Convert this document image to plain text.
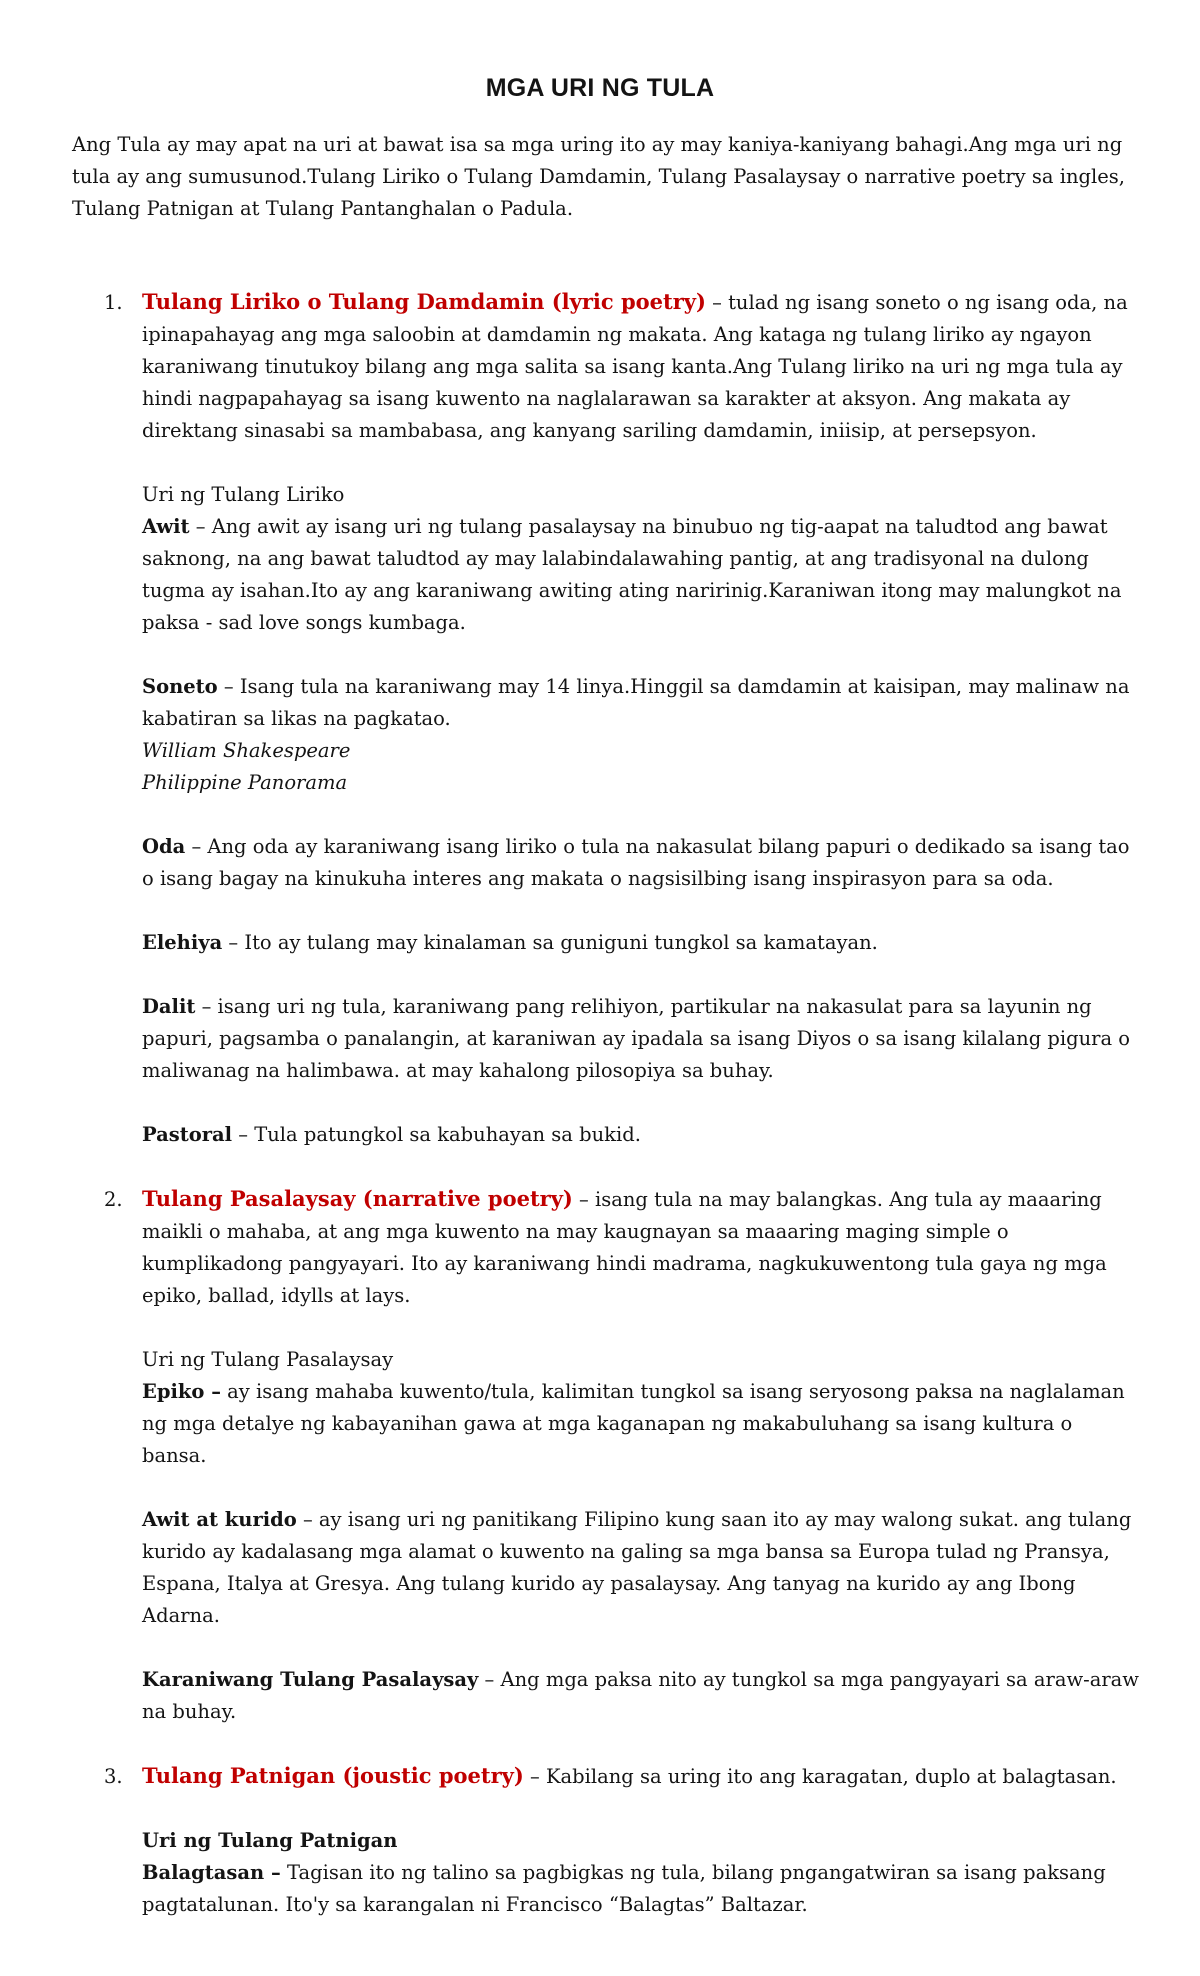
MGA URI NG TULA

Ang Tula ay may apat na uri at bawat isa sa mga uring ito ay may kaniya-kaniyang bahagi.Ang mga uri ng tula ay ang sumusunod.Tulang Liriko o Tulang Damdamin, Tulang Pasalaysay o narrative poetry sa ingles, Tulang Patnigan at Tulang Pantanghalan o Padula.

1. Tulang Liriko o Tulang Damdamin (lyric poetry) – tulad ng isang soneto o ng isang oda, na ipinapahayag ang mga saloobin at damdamin ng makata. Ang kataga ng tulang liriko ay ngayon karaniwang tinutukoy bilang ang mga salita sa isang kanta.Ang Tulang liriko na uri ng mga tula ay hindi nagpapahayag sa isang kuwento na naglalarawan sa karakter at aksyon. Ang makata ay direktang sinasabi sa mambabasa, ang kanyang sariling damdamin, iniisip, at persepsyon.

Uri ng Tulang Liriko

Awit – Ang awit ay isang uri ng tulang pasalaysay na binubuo ng tig-aapat na taludtod ang bawat saknong, na ang bawat taludtod ay may lalabindalawahing pantig, at ang tradisyonal na dulong tugma ay isahan.Ito ay ang karaniwang awiting ating naririnig.Karaniwan itong may malungkot na paksa - sad love songs kumbaga.

Soneto – Isang tula na karaniwang may 14 linya.Hinggil sa damdamin at kaisipan, may malinaw na kabatiran sa likas na pagkatao.

William Shakespeare

Philippine Panorama

Oda – Ang oda ay karaniwang isang liriko o tula na nakasulat bilang papuri o dedikado sa isang tao o isang bagay na kinukuha interes ang makata o nagsisilbing isang inspirasyon para sa oda.

Elehiya – Ito ay tulang may kinalaman sa guniguni tungkol sa kamatayan.

Dalit – isang uri ng tula, karaniwang pang relihiyon, partikular na nakasulat para sa layunin ng papuri, pagsamba o panalangin, at karaniwan ay ipadala sa isang Diyos o sa isang kilalang pigura o maliwanag na halimbawa. at may kahalong pilosopiya sa buhay.

Pastoral – Tula patungkol sa kabuhayan sa bukid.

2. Tulang Pasalaysay (narrative poetry) – isang tula na may balangkas. Ang tula ay maaaring maikli o mahaba, at ang mga kuwento na may kaugnayan sa maaaring maging simple o kumplikadong pangyayari. Ito ay karaniwang hindi madrama, nagkukuwentong tula gaya ng mga epiko, ballad, idylls at lays.

Uri ng Tulang Pasalaysay

Epiko – ay isang mahaba kuwento/tula, kalimitan tungkol sa isang seryosong paksa na naglalaman ng mga detalye ng kabayanihan gawa at mga kaganapan ng makabuluhang sa isang kultura o bansa.

Awit at kurido – ay isang uri ng panitikang Filipino kung saan ito ay may walong sukat. ang tulang kurido ay kadalasang mga alamat o kuwento na galing sa mga bansa sa Europa tulad ng Pransya, Espana, Italya at Gresya. Ang tulang kurido ay pasalaysay. Ang tanyag na kurido ay ang Ibong Adarna.

Karaniwang Tulang Pasalaysay – Ang mga paksa nito ay tungkol sa mga pangyayari sa araw-araw na buhay.

3. Tulang Patnigan (joustic poetry) – Kabilang sa uring ito ang karagatan, duplo at balagtasan.

Uri ng Tulang Patnigan

Balagtasan – Tagisan ito ng talino sa pagbigkas ng tula, bilang pngangatwiran sa isang paksang pagtatalunan. Ito'y sa karangalan ni Francisco “Balagtas” Baltazar.
